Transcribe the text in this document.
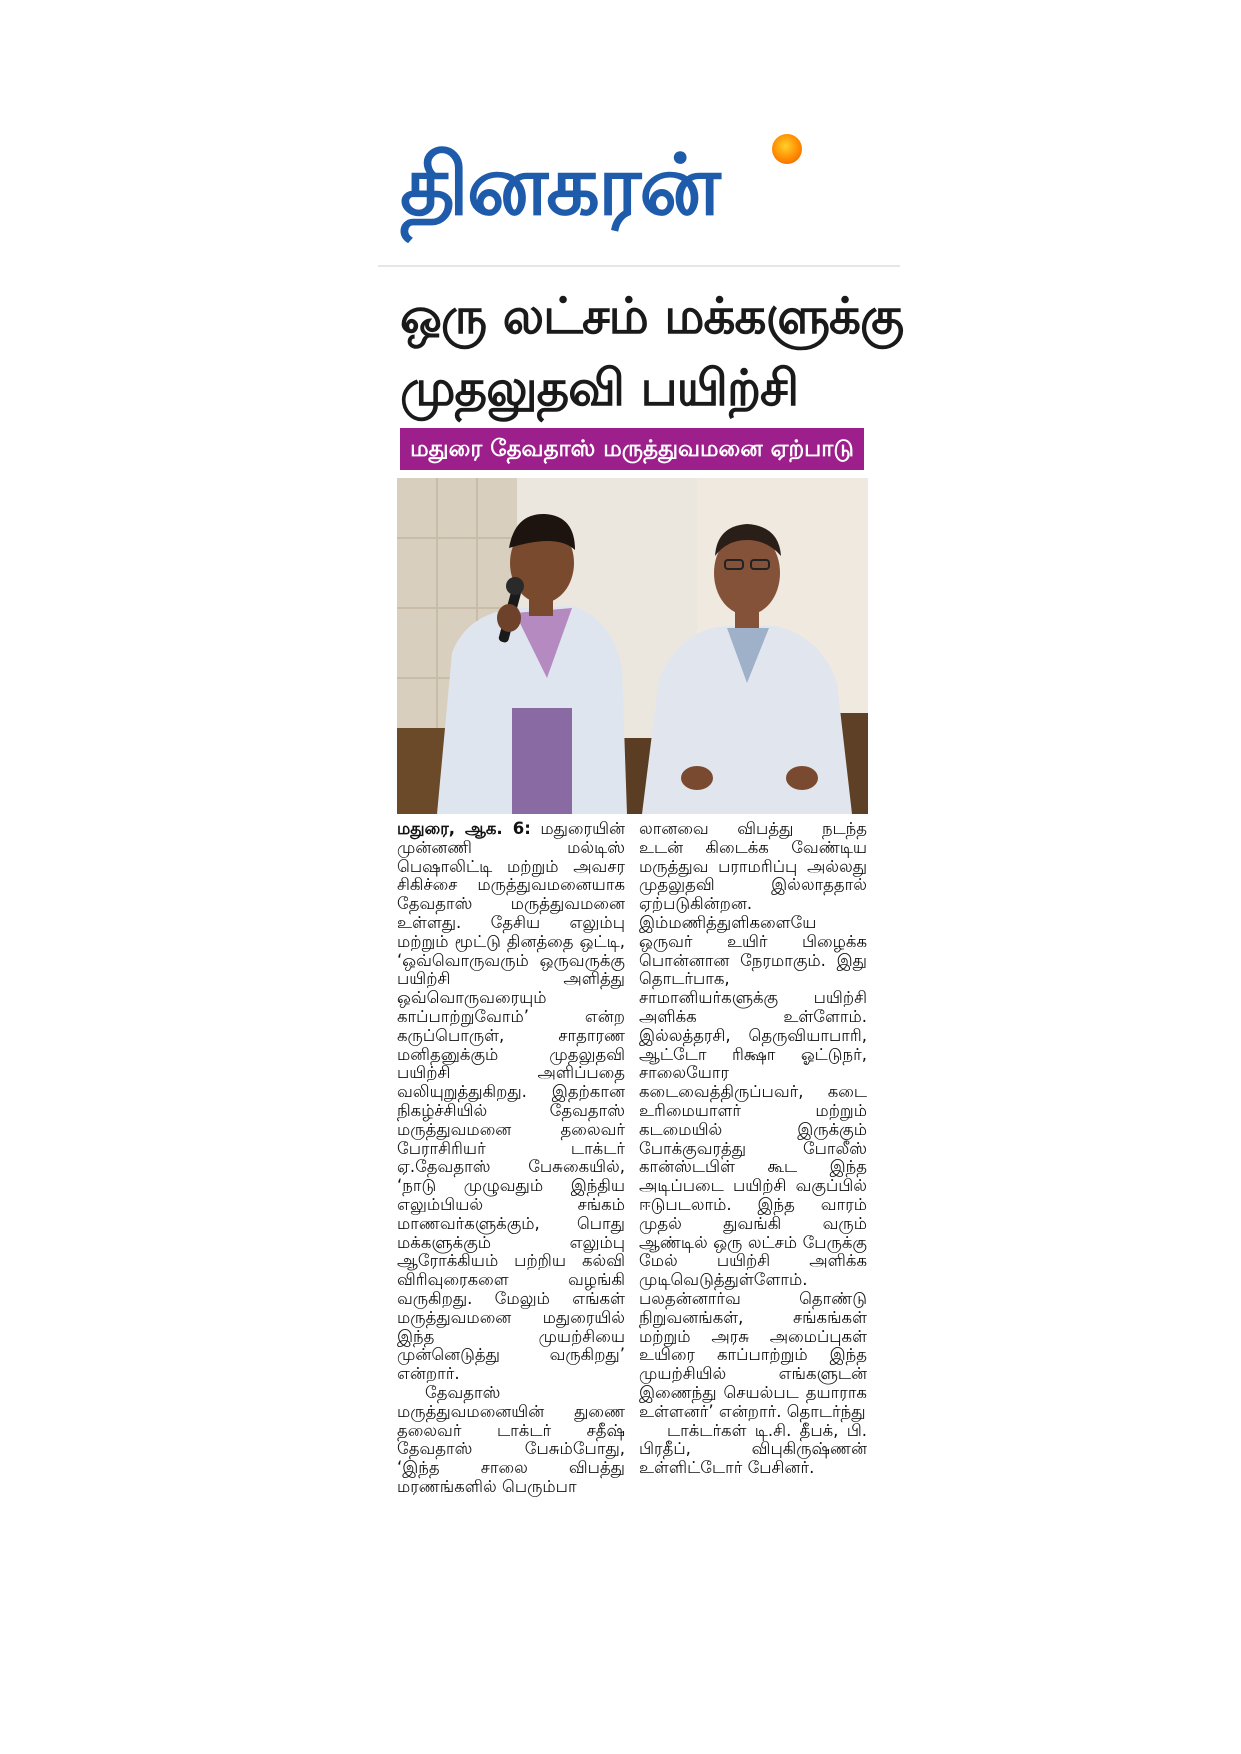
தினகரன்
ஒரு லட்சம் மக்களுக்கு
முதலுதவி பயிற்சி
மதுரை தேவதாஸ் மருத்துவமனை ஏற்பாடு

மதுரை, ஆக. 6: மதுரையின் முன்னணி மல்டிஸ் பெஷாலிட்டி மற்றும் அவசர சிகிச்சை மருத்துவமனையாக தேவதாஸ் மருத்துவமனை உள்ளது. தேசிய எலும்பு மற்றும் மூட்டு தினத்தை ஒட்டி, ‘ஒவ்வொருவரும் ஒருவருக்கு பயிற்சி அளித்து ஒவ்வொருவரையும் காப்பாற்றுவோம்’ என்ற கருப்பொருள், சாதாரண மனிதனுக்கும் முதலுதவி பயிற்சி அளிப்பதை வலியுறுத்துகிறது. இதற்கான நிகழ்ச்சியில் தேவதாஸ் மருத்துவமனை தலைவர் பேராசிரியர் டாக்டர் ஏ.தேவதாஸ் பேசுகையில், ‘நாடு முழுவதும் இந்திய எலும்பியல் சங்கம் மாணவர்களுக்கும், பொது மக்களுக்கும் எலும்பு ஆரோக்கியம் பற்றிய கல்வி விரிவுரைகளை வழங்கி வருகிறது. மேலும் எங்கள் மருத்துவமனை மதுரையில் இந்த முயற்சியை முன்னெடுத்து வருகிறது’ என்றார்.

தேவதாஸ் மருத்துவமனையின் துணை தலைவர் டாக்டர் சதீஷ் தேவதாஸ் பேசும்போது, ‘இந்த சாலை விபத்து மரணங்களில் பெரும்பா

லானவை விபத்து நடந்த உடன் கிடைக்க வேண்டிய மருத்துவ பராமரிப்பு அல்லது முதலுதவி இல்லாததால் ஏற்படுகின்றன. இம்மணித்துளிகளையே ஒருவர் உயிர் பிழைக்க பொன்னான நேரமாகும். இது தொடர்பாக, சாமானியர்களுக்கு பயிற்சி அளிக்க உள்ளோம். இல்லத்தரசி, தெருவியாபாரி, ஆட்டோ ரிக்ஷா ஓட்டுநர், சாலையோர கடைவைத்திருப்பவர், கடை உரிமையாளர் மற்றும் கடமையில் இருக்கும் போக்குவரத்து போலீஸ் கான்ஸ்டபிள் கூட இந்த அடிப்படை பயிற்சி வகுப்பில் ஈடுபடலாம். இந்த வாரம் முதல் துவங்கி வரும் ஆண்டில் ஒரு லட்சம் பேருக்கு மேல் பயிற்சி அளிக்க முடிவெடுத்துள்ளோம். பலதன்னார்வ தொண்டு நிறுவனங்கள், சங்கங்கள் மற்றும் அரசு அமைப்புகள் உயிரை காப்பாற்றும் இந்த முயற்சியில் எங்களுடன் இணைந்து செயல்பட தயாராக உள்ளனர்’ என்றார். தொடர்ந்து

டாக்டர்கள் டி.சி. தீபக், பி. பிரதீப், விபுகிருஷ்ணன் உள்ளிட்டோர் பேசினர்.
